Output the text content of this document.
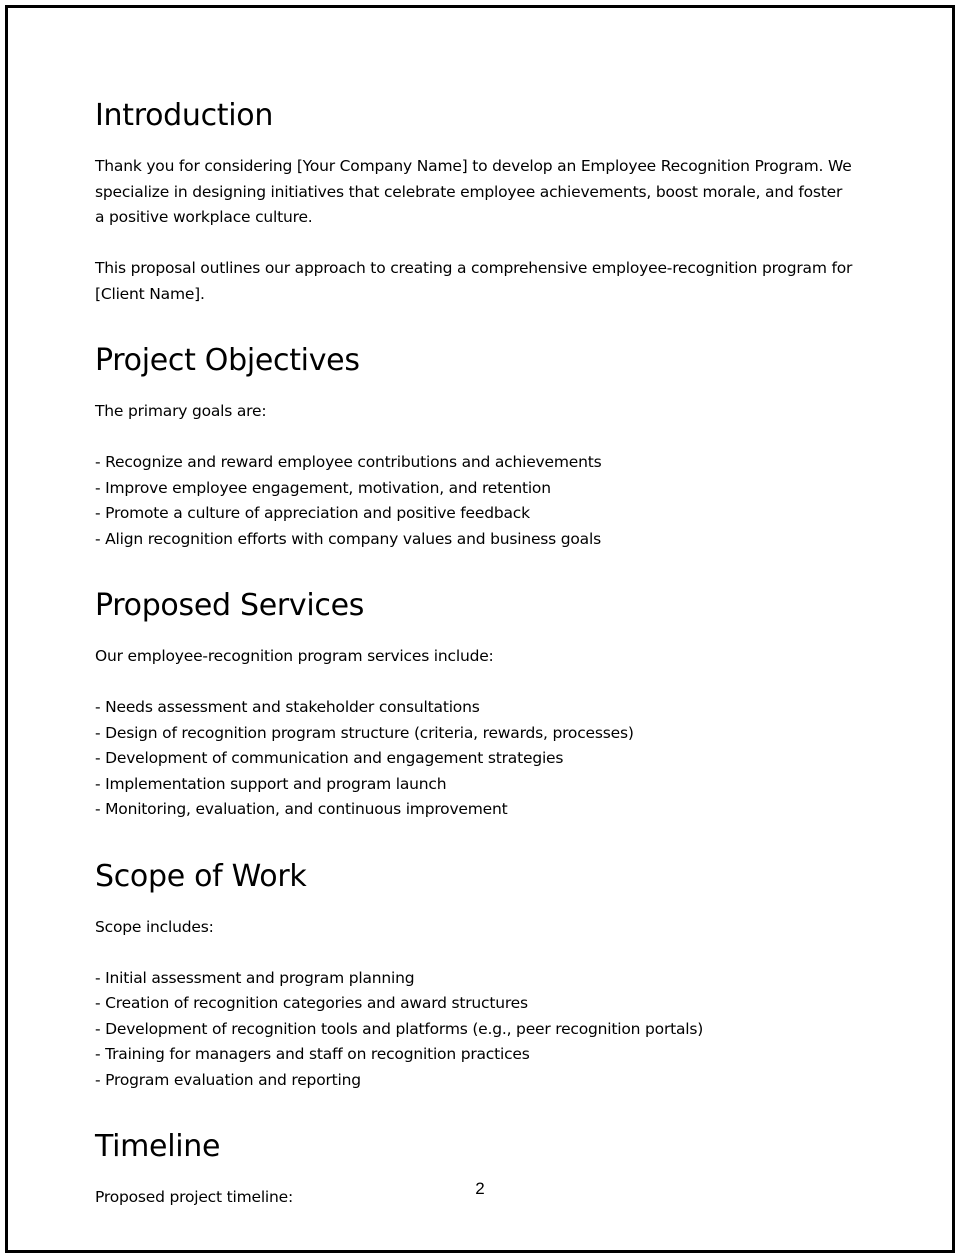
Introduction

Thank you for considering [Your Company Name] to develop an Employee Recognition Program. We specialize in designing initiatives that celebrate employee achievements, boost morale, and foster a positive workplace culture.

This proposal outlines our approach to creating a comprehensive employee-recognition program for [Client Name].

Project Objectives

The primary goals are:

- Recognize and reward employee contributions and achievements
- Improve employee engagement, motivation, and retention
- Promote a culture of appreciation and positive feedback
- Align recognition efforts with company values and business goals
Proposed Services

Our employee-recognition program services include:

- Needs assessment and stakeholder consultations
- Design of recognition program structure (criteria, rewards, processes)
- Development of communication and engagement strategies
- Implementation support and program launch
- Monitoring, evaluation, and continuous improvement
Scope of Work

Scope includes:

- Initial assessment and program planning
- Creation of recognition categories and award structures
- Development of recognition tools and platforms (e.g., peer recognition portals)
- Training for managers and staff on recognition practices
- Program evaluation and reporting
Timeline

Proposed project timeline:	2
